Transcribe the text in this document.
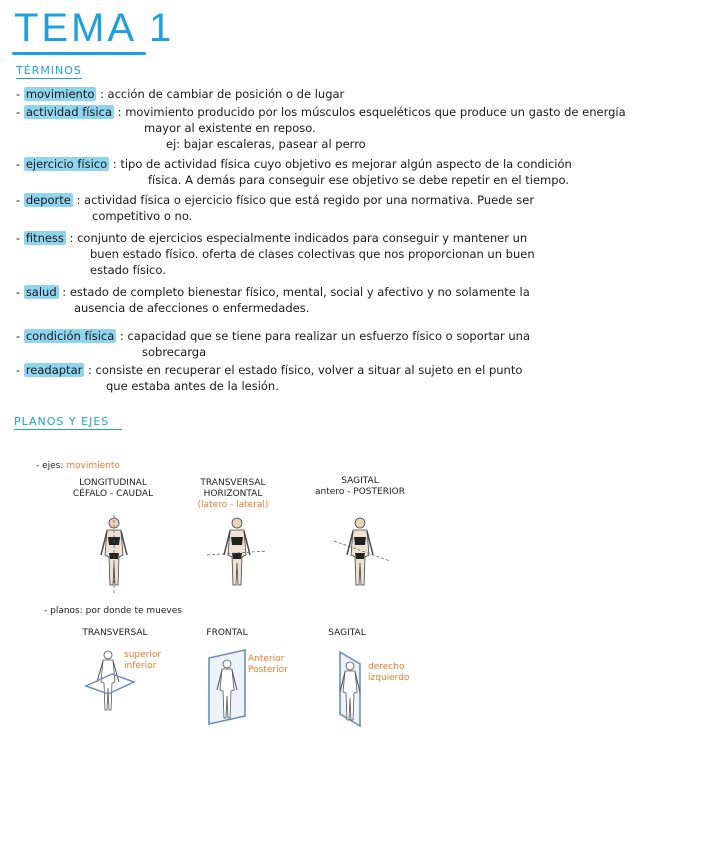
TEMA 1
TÉRMINOS
- movimiento : acción de cambiar de posición o de lugar
- actividad física : movimiento producido por los músculos esqueléticos que produce un gasto de energía
mayor al existente en reposo.
ej: bajar escaleras, pasear al perro
- ejercicio físico : tipo de actividad física cuyo objetivo es mejorar algún aspecto de la condición
física. A demás para conseguir ese objetivo se debe repetir en el tiempo.
- deporte : actividad física o ejercicio físico que está regido por una normativa. Puede ser
competitivo o no.
- fitness : conjunto de ejercicios especialmente indicados para conseguir y mantener un
buen estado físico. oferta de clases colectivas que nos proporcionan un buen
estado físico.
- salud : estado de completo bienestar físico, mental, social y afectivo y no solamente la
ausencia de afecciones o enfermedades.
- condición física : capacidad que se tiene para realizar un esfuerzo físico o soportar una
sobrecarga
- readaptar : consiste en recuperar el estado físico, volver a situar al sujeto en el punto
que estaba antes de la lesión.
PLANOS Y EJES
- ejes: movimiento
LONGITUDINAL
CÉFALO - CAUDAL
TRANSVERSAL
HORIZONTAL
(latero - lateral)
SAGITAL
antero - POSTERIOR
- planos: por donde te mueves
TRANSVERSAL	FRONTAL	SAGITAL
superior
inferior
Anterior
Posterior	derecho
izquierdo
